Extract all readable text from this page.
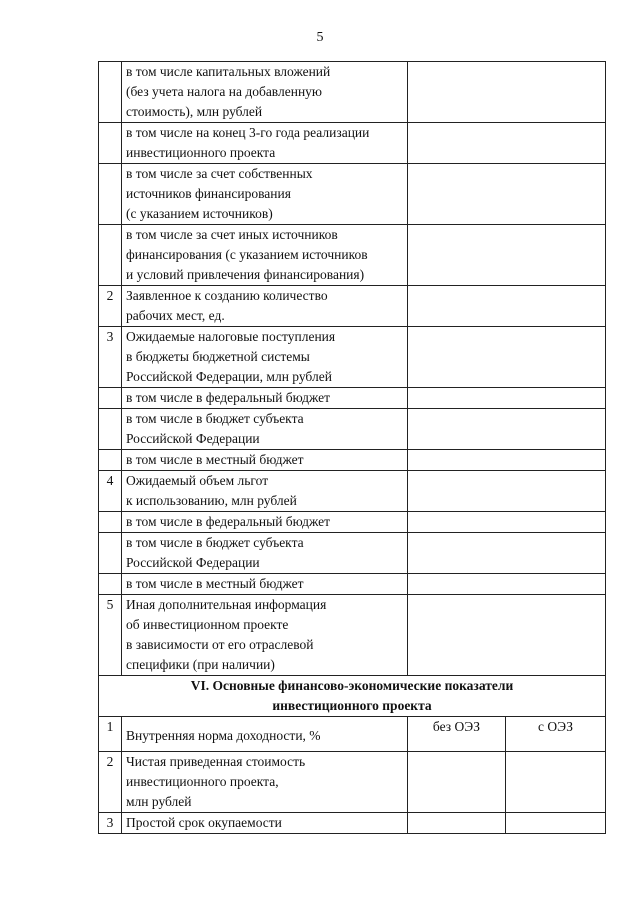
5

	в том числе капитальных вложений
(без учета налога на добавленную
стоимость), млн рублей		

	в том числе на конец 3-го года реализации
инвестиционного проекта		

	в том числе за счет собственных
источников финансирования
(с указанием источников)		

	в том числе за счет иных источников
финансирования (с указанием источников
и условий привлечения финансирования)		

2	Заявленное к созданию количество
рабочих мест, ед.		

3	Ожидаемые налоговые поступления
в бюджеты бюджетной системы
Российской Федерации, млн рублей		

	в том числе в федеральный бюджет		

	в том числе в бюджет субъекта
Российской Федерации		

	в том числе в местный бюджет		

4	Ожидаемый объем льгот
к использованию, млн рублей		

	в том числе в федеральный бюджет		

	в том числе в бюджет субъекта
Российской Федерации		

	в том числе в местный бюджет		

5	Иная дополнительная информация
об инвестиционном проекте
в зависимости от его отраслевой
специфики (при наличии)		

VI. Основные финансово-экономические показатели
инвестиционного проекта			

1	Внутренняя норма доходности, %	без ОЭЗ	с ОЭЗ
2	Чистая приведенная стоимость
инвестиционного проекта,
млн рублей		

3	Простой срок окупаемости		
